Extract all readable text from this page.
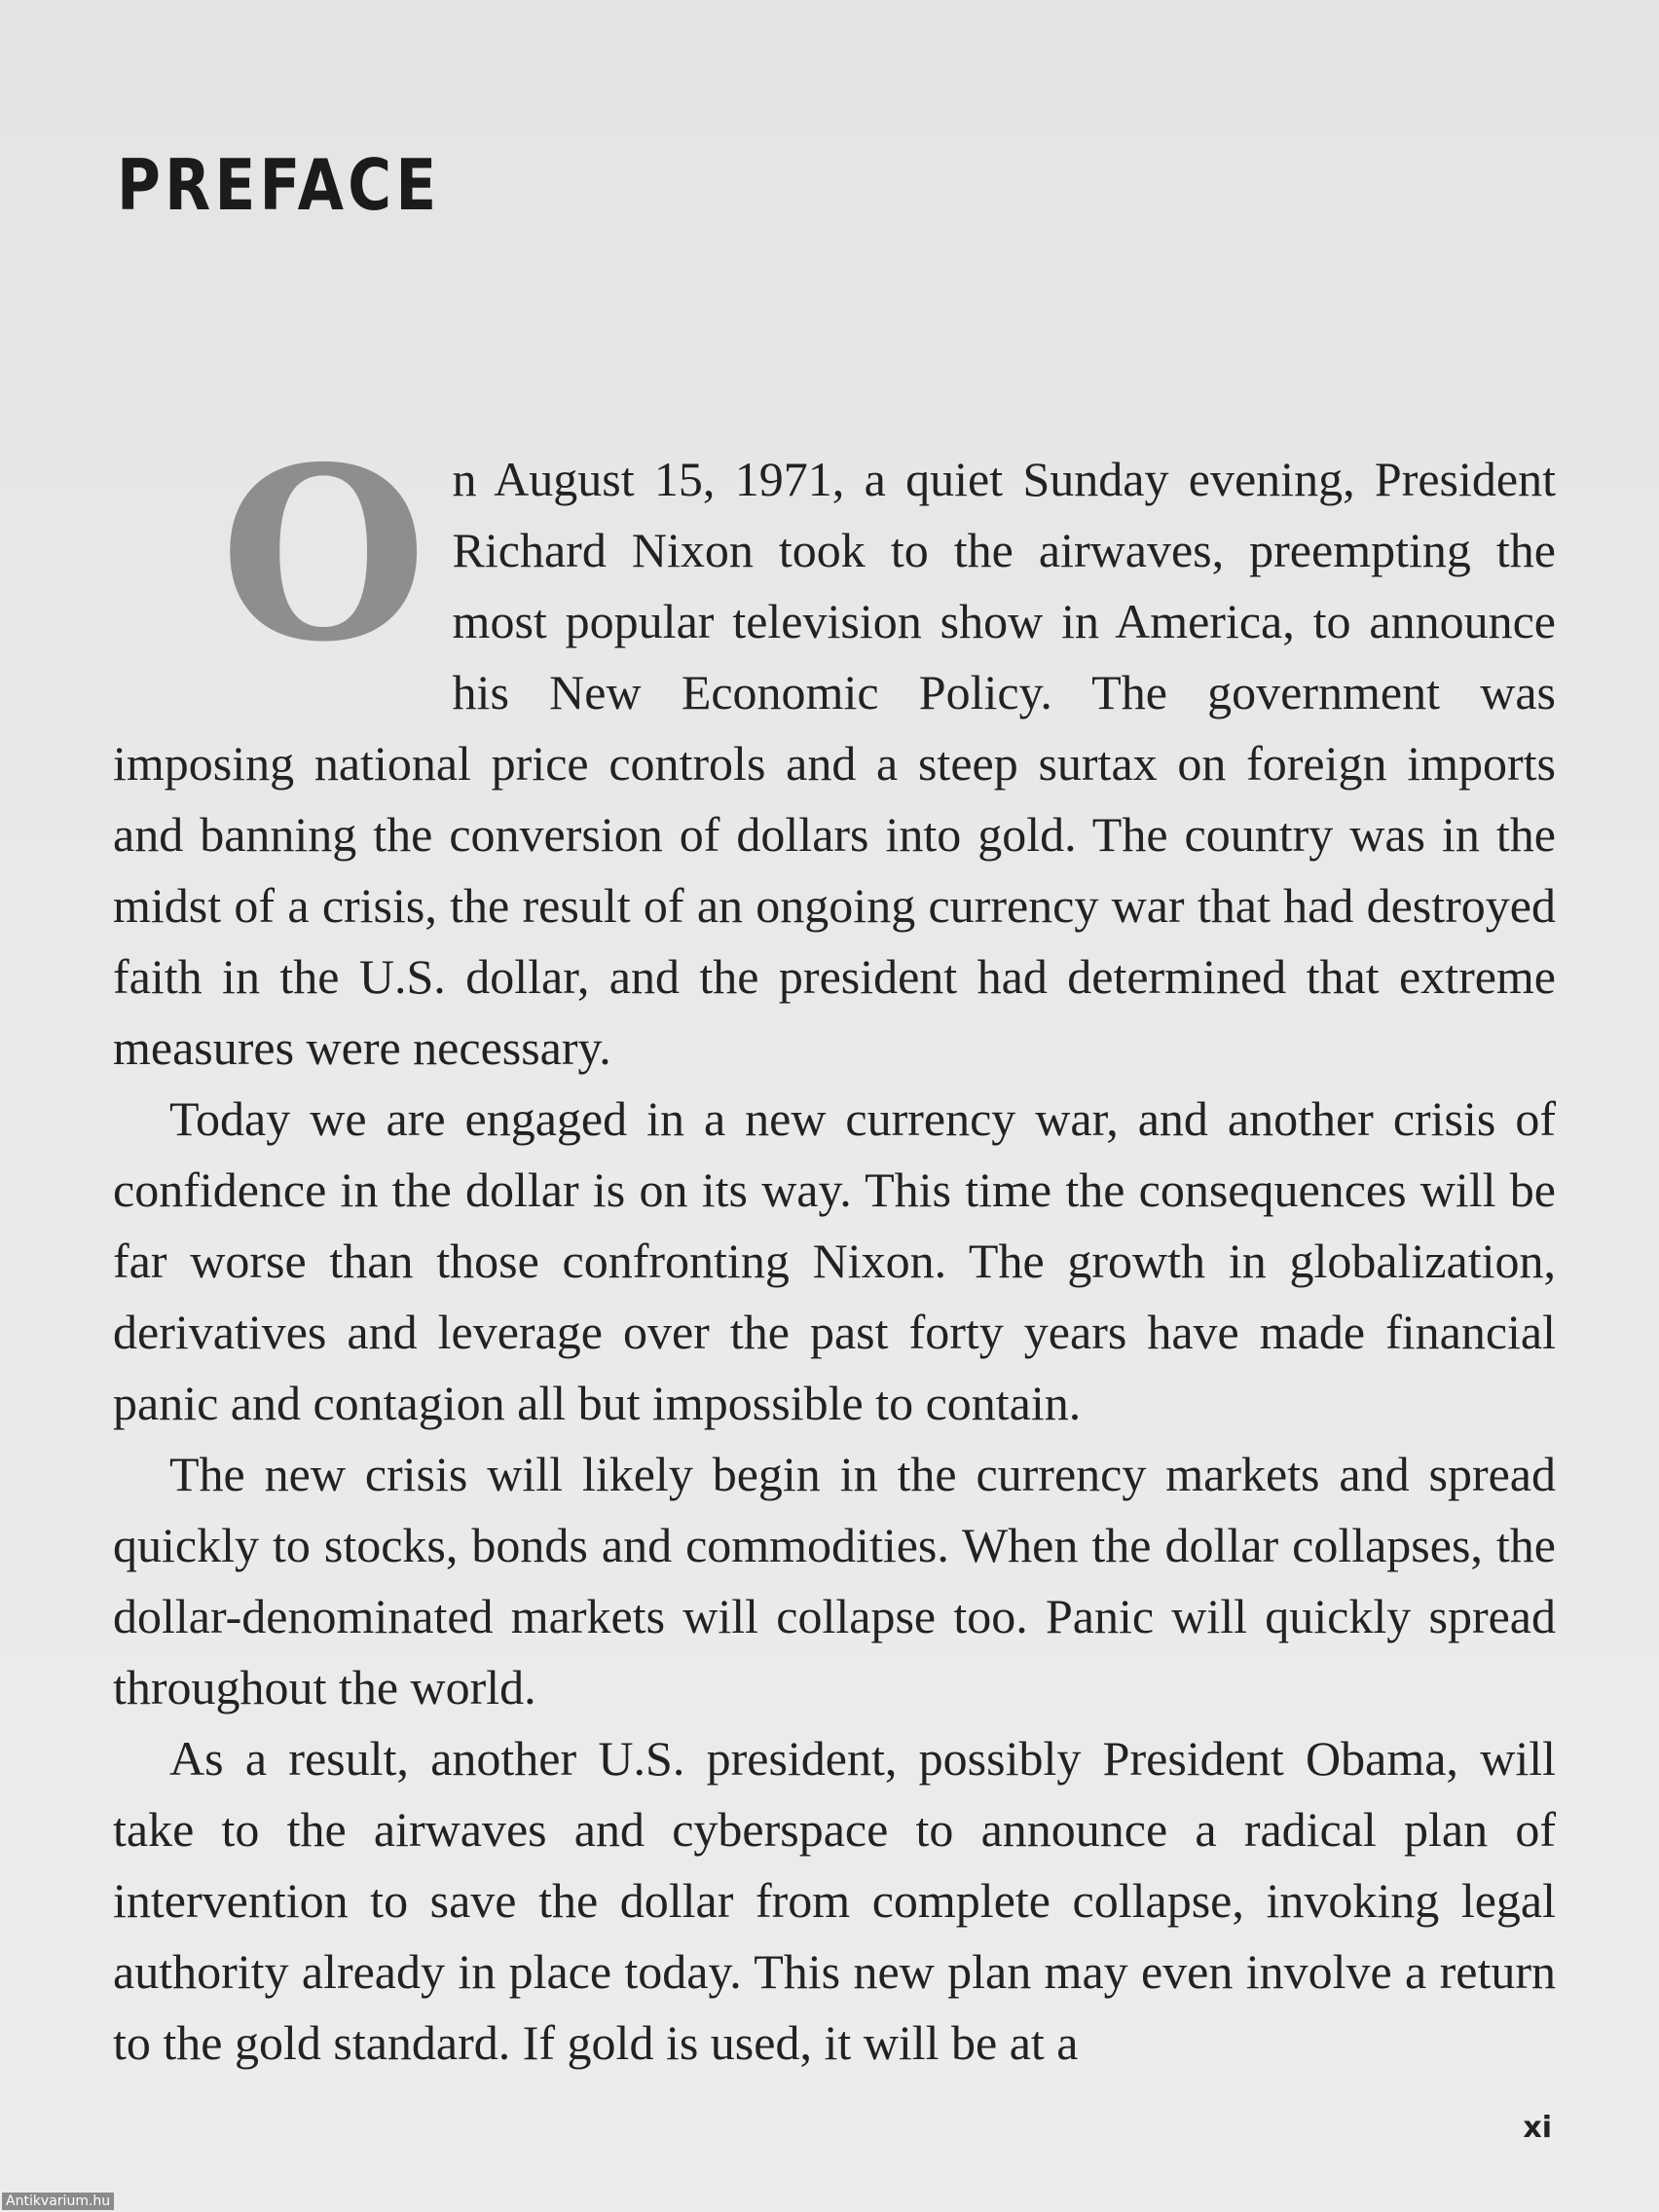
PREFACE

On August 15, 1971, a quiet Sunday evening, President Richard Nixon took to the airwaves, preempting the most popular television show in America, to announce his New Economic Policy. The government was imposing national price controls and a steep surtax on foreign imports and banning the conversion of dollars into gold. The country was in the midst of a crisis, the result of an ongoing currency war that had destroyed faith in the U.S. dollar, and the president had determined that extreme measures were necessary.

Today we are engaged in a new currency war, and another crisis of confidence in the dollar is on its way. This time the consequences will be far worse than those confronting Nixon. The growth in globalization, derivatives and leverage over the past forty years have made financial panic and contagion all but impossible to contain.

The new crisis will likely begin in the currency markets and spread quickly to stocks, bonds and commodities. When the dollar collapses, the dollar-denominated markets will collapse too. Panic will quickly spread throughout the world.

As a result, another U.S. president, possibly President Obama, will take to the airwaves and cyberspace to announce a radical plan of intervention to save the dollar from complete collapse, invoking legal authority already in place today. This new plan may even involve a return to the gold standard. If gold is used, it will be at a

xi
Antikvarium.hu
